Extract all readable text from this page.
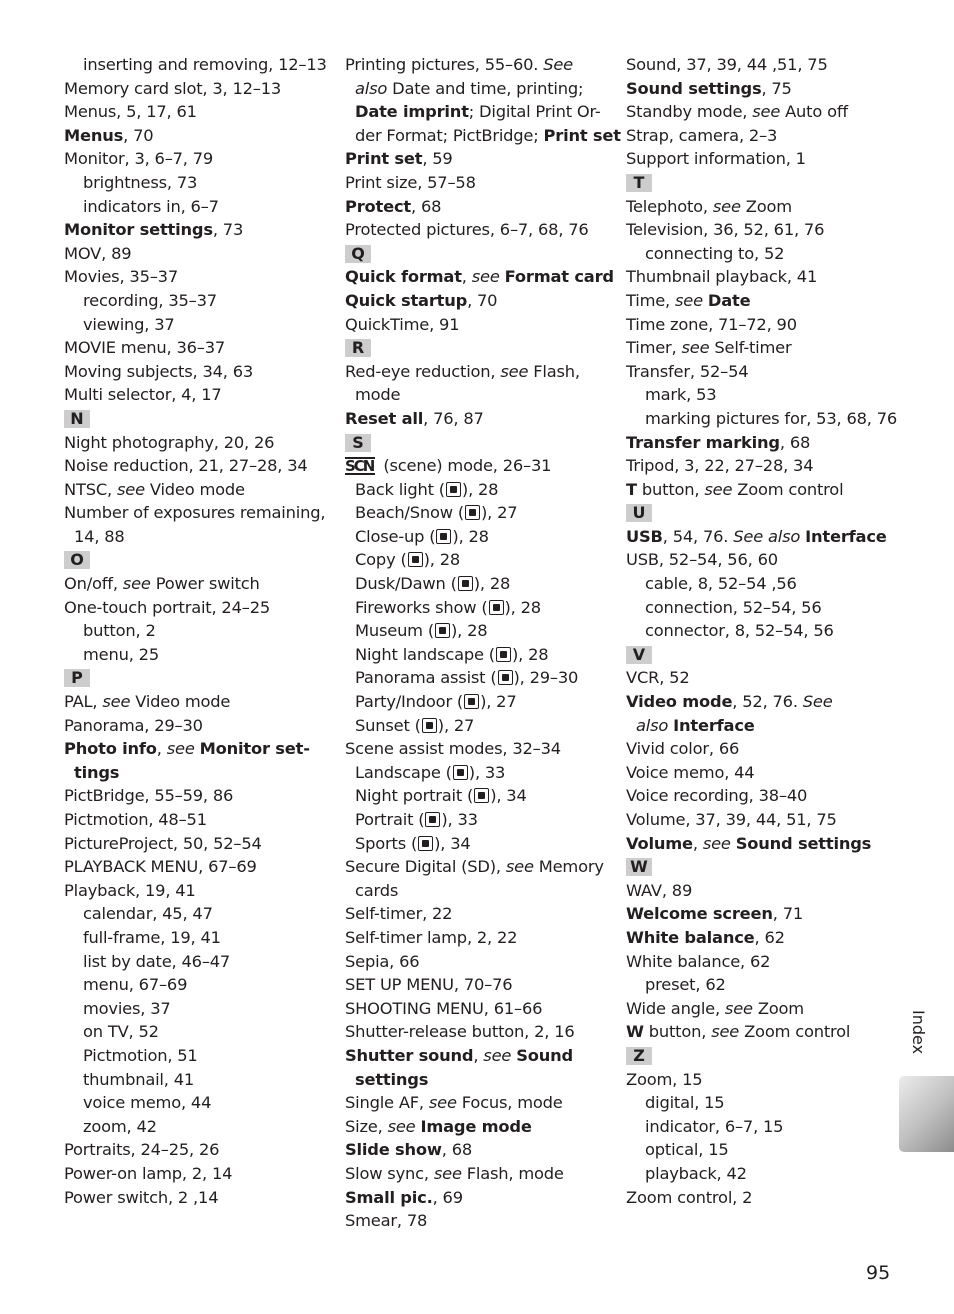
inserting and removing, 12–13
Memory card slot, 3, 12–13
Menus, 5, 17, 61
Menus, 70
Monitor, 3, 6–7, 79
brightness, 73
indicators in, 6–7
Monitor settings, 73
MOV, 89
Movies, 35–37
recording, 35–37
viewing, 37
MOVIE menu, 36–37
Moving subjects, 34, 63
Multi selector, 4, 17
N
Night photography, 20, 26
Noise reduction, 21, 27–28, 34
NTSC, see Video mode
Number of exposures remaining,
14, 88
O
On/off, see Power switch
One-touch portrait, 24–25
button, 2
menu, 25
P
PAL, see Video mode
Panorama, 29–30
Photo info, see Monitor set-
tings
PictBridge, 55–59, 86
Pictmotion, 48–51
PictureProject, 50, 52–54
PLAYBACK MENU, 67–69
Playback, 19, 41
calendar, 45, 47
full-frame, 19, 41
list by date, 46–47
menu, 67–69
movies, 37
on TV, 52
Pictmotion, 51
thumbnail, 41
voice memo, 44
zoom, 42
Portraits, 24–25, 26
Power-on lamp, 2, 14
Power switch, 2 ,14
Printing pictures, 55–60. See
also Date and time, printing;
Date imprint; Digital Print Or-
der Format; PictBridge; Print set
Print set, 59
Print size, 57–58
Protect, 68
Protected pictures, 6–7, 68, 76
Q
Quick format, see Format card
Quick startup, 70
QuickTime, 91
R
Red-eye reduction, see Flash,
mode
Reset all, 76, 87
S
SCN (scene) mode, 26–31
Back light ( ), 28
Beach/Snow ( ), 27
Close-up ( ), 28
Copy ( ), 28
Dusk/Dawn ( ), 28
Fireworks show ( ), 28
Museum ( ), 28
Night landscape ( ), 28
Panorama assist ( ), 29–30
Party/Indoor ( ), 27
Sunset ( ), 27
Scene assist modes, 32–34
Landscape ( ), 33
Night portrait ( ), 34
Portrait ( ), 33
Sports ( ), 34
Secure Digital (SD), see Memory
cards
Self-timer, 22
Self-timer lamp, 2, 22
Sepia, 66
SET UP MENU, 70–76
SHOOTING MENU, 61–66
Shutter-release button, 2, 16
Shutter sound, see Sound
settings
Single AF, see Focus, mode
Size, see Image mode
Slide show, 68
Slow sync, see Flash, mode
Small pic., 69
Smear, 78
Sound, 37, 39, 44 ,51, 75
Sound settings, 75
Standby mode, see Auto off
Strap, camera, 2–3
Support information, 1
T
Telephoto, see Zoom
Television, 36, 52, 61, 76
connecting to, 52
Thumbnail playback, 41
Time, see Date
Time zone, 71–72, 90
Timer, see Self-timer
Transfer, 52–54
mark, 53
marking pictures for, 53, 68, 76
Transfer marking, 68
Tripod, 3, 22, 27–28, 34
T button, see Zoom control
U
USB, 54, 76. See also Interface
USB, 52–54, 56, 60
cable, 8, 52–54 ,56
connection, 52–54, 56
connector, 8, 52–54, 56
V
VCR, 52
Video mode, 52, 76. See
also Interface
Vivid color, 66
Voice memo, 44
Voice recording, 38–40
Volume, 37, 39, 44, 51, 75
Volume, see Sound settings
W
WAV, 89
Welcome screen, 71
White balance, 62
White balance, 62
preset, 62
Wide angle, see Zoom
W button, see Zoom control
Z
Zoom, 15
digital, 15
indicator, 6–7, 15
optical, 15
playback, 42
Zoom control, 2
Index
95
